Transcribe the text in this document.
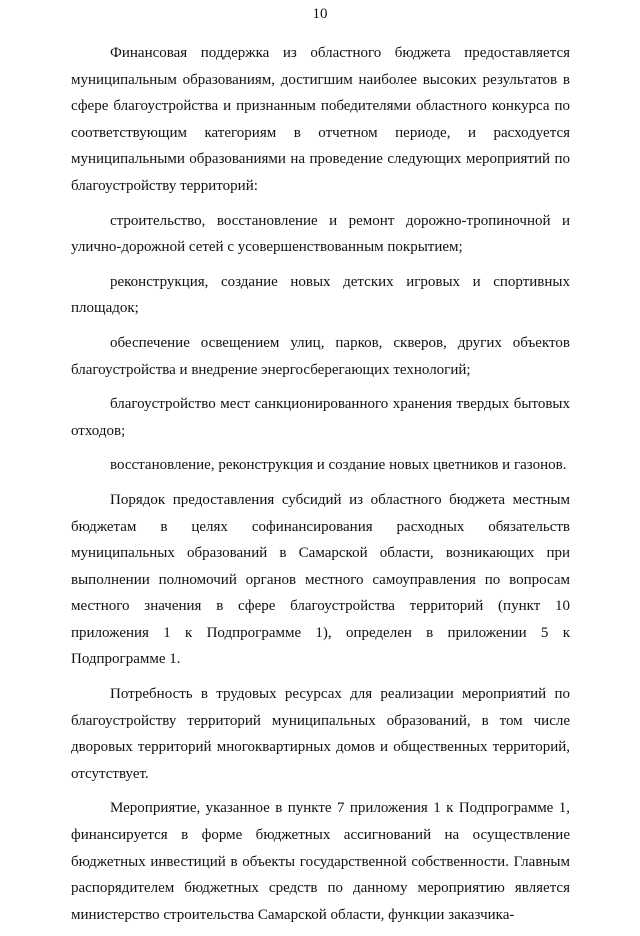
10
Финансовая поддержка из областного бюджета предоставляется
муниципальным образованиям, достигшим наиболее высоких результатов в
сфере благоустройства и признанным победителями областного конкурса по
соответствующим категориям в отчетном периоде, и расходуется
муниципальными образованиями на проведение следующих мероприятий по
благоустройству территорий:
строительство, восстановление и ремонт дорожно-тропиночной и
улично-дорожной сетей с усовершенствованным покрытием;
реконструкция, создание новых детских игровых и спортивных
площадок;
обеспечение освещением улиц, парков, скверов, других объектов
благоустройства и внедрение энергосберегающих технологий;
благоустройство мест санкционированного хранения твердых бытовых
отходов;
восстановление, реконструкция и создание новых цветников и газонов.
Порядок предоставления субсидий из областного бюджета местным
бюджетам в целях софинансирования расходных обязательств
муниципальных образований в Самарской области, возникающих при
выполнении полномочий органов местного самоуправления по вопросам
местного значения в сфере благоустройства территорий (пункт 10
приложения 1 к Подпрограмме 1), определен в приложении 5 к
Подпрограмме 1.
Потребность в трудовых ресурсах для реализации мероприятий по
благоустройству территорий муниципальных образований, в том числе
дворовых территорий многоквартирных домов и общественных территорий,
отсутствует.
Мероприятие, указанное в пункте 7 приложения 1 к Подпрограмме 1,
финансируется в форме бюджетных ассигнований на осуществление
бюджетных инвестиций в объекты государственной собственности. Главным
распорядителем бюджетных средств по данному мероприятию является
министерство строительства Самарской области, функции заказчика-
